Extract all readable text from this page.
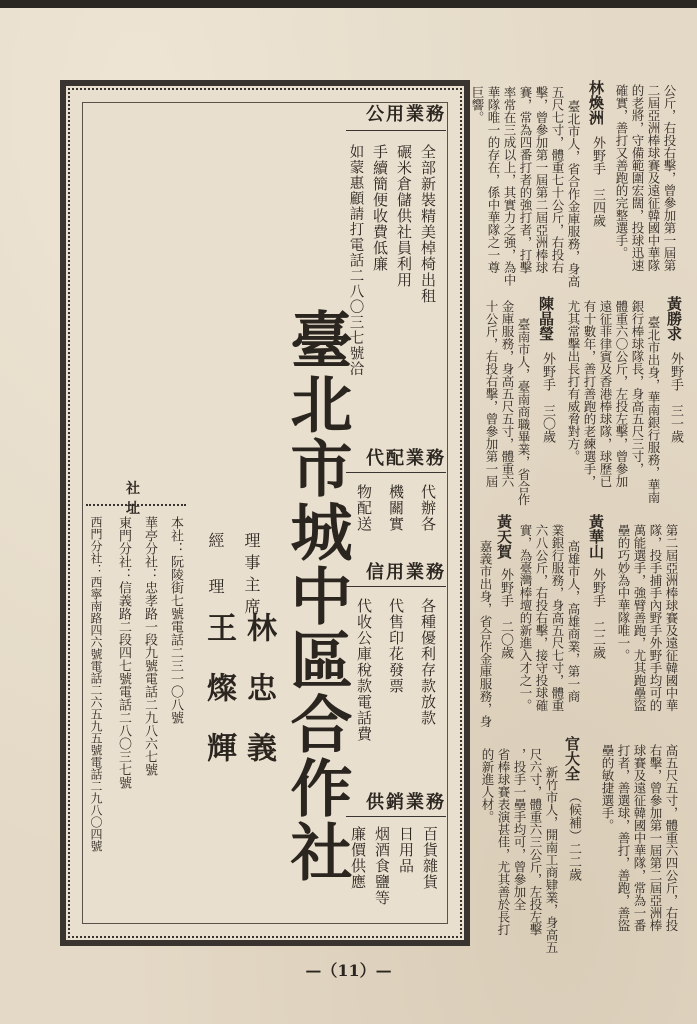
公用業務
全部新裝精美棹椅出租
碾米倉儲供社員利用
手續簡便收費低廉
如蒙惠顧請打電話二八〇三七號洽
代配業務
代辦各
機關實
物配送
信用業務
各種優利存款放款
代售印花發票
代收公庫稅款電話費
供銷業務
百貨雜貨
日用品
烟酒食鹽等
廉價供應
臺北市城中區合作社
理事主席
林忠義
經理
王燦輝
社址
本社：阮陵街七號電話二三一〇八號
華亭分社：忠孝路一段九號電話二九八六七號
東門分社：信義路二段四七號電話二八〇三七號
西門分社：西寧南路四六號電話二六五九五號電話二九八〇四號
公斤，右投右擊，曾參加第一屆第
二屆亞洲棒球賽及遠征韓國中華隊
的老將，守備範圍宏闊，投球迅速
確實，善打又善跑的完整選手。
林煥洲
外野手　三四歲
臺北市人，省合作金庫服務，身高
五尺七寸，體重七十公斤，右投右
擊，曾參加第一屆第二屆亞洲棒球
賽，常為四番打者的強打者，打擊
率常在三成以上，其實力之強，為中
華隊唯一的存在，係中華隊之一尊
巨響。
黃勝求
外野手　三一歲
臺北市出身，華南銀行服務，華南
銀行棒球隊長，身高五尺三寸，
體重六〇公斤，左投左擊，曾參加
遠征菲律賓及香港棒球隊，球歷已
有十數年，善打善跑的老練選手，
尤其常擊出長打有威脅對方。
陳晶瑩
外野手　三〇歲
臺南市人，臺南商職畢業，省合作
金庫服務，身高五尺五寸，體重六
十公斤，右投右擊，曾參加第一屆
第二屆亞洲棒球賽及遠征韓國中華
隊，投手捕手內野手外野手均可的
萬能選手，強臂善跑，尤其跑壘盜
壘的巧妙為中華隊唯一。
黃華山
外野手　二二歲
高雄市人，高雄商業，第一商
業銀行服務，身高五尺七寸，體重
六八公斤，右投右擊，接守投球確
實，為臺灣棒壇的新進入才之一。
黃天賀
外野手　二〇歲
嘉義市出身，省合作金庫服務，身
高五尺五寸，體重六四公斤，右投
右擊，曾參加第一屆第二屆亞洲棒
球賽及遠征韓國中華隊，常為一番
打者，善選球，善打，善跑，善盜
壘的敏捷選手。
官大全
（候補）二二歲
新竹市人，開南工商肄業，身高五
尺六寸，體重六三公斤，左投左擊
，投手一壘手均可，曾參加全
省棒球賽表演甚佳，尤其善於長打
的新進人材。
—（11）—
